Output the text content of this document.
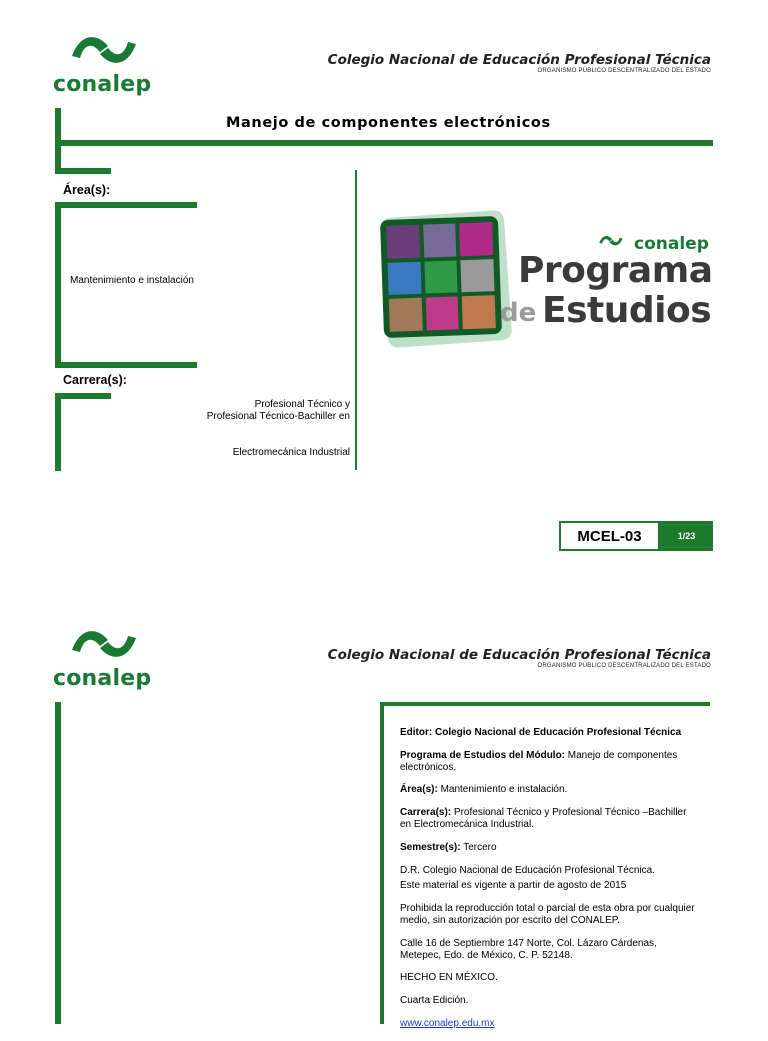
conalep
Colegio Nacional de Educación Profesional Técnica
ORGANISMO PÚBLICO DESCENTRALIZADO DEL ESTADO
Manejo de componentes electrónicos
Área(s):
Mantenimiento e instalación
Carrera(s):
Profesional Técnico y
Profesional Técnico-Bachiller en
Electromecánica Industrial
conalep
Programa
de Estudios
MCEL-03	1/23
conalep
Colegio Nacional de Educación Profesional Técnica
ORGANISMO PÚBLICO DESCENTRALIZADO DEL ESTADO

Editor: Colegio Nacional de Educación Profesional Técnica

Programa de Estudios del Módulo: Manejo de componentes electrónicos.

Área(s): Mantenimiento e instalación.

Carrera(s): Profesional Técnico y Profesional Técnico –Bachiller en Electromecánica Industrial.

Semestre(s): Tercero

D.R. Colegio Nacional de Educación Profesional Técnica.

Este material es vigente a partir de agosto de 2015

Prohibida la reproducción total o parcial de esta obra por cualquier medio, sin autorización por escrito del CONALEP.

Calle 16 de Septiembre 147 Norte, Col. Lázaro Cárdenas, Metepec, Edo. de México, C. P. 52148.

HECHO EN MÉXICO.

Cuarta Edición.

www.conalep.edu.mx
